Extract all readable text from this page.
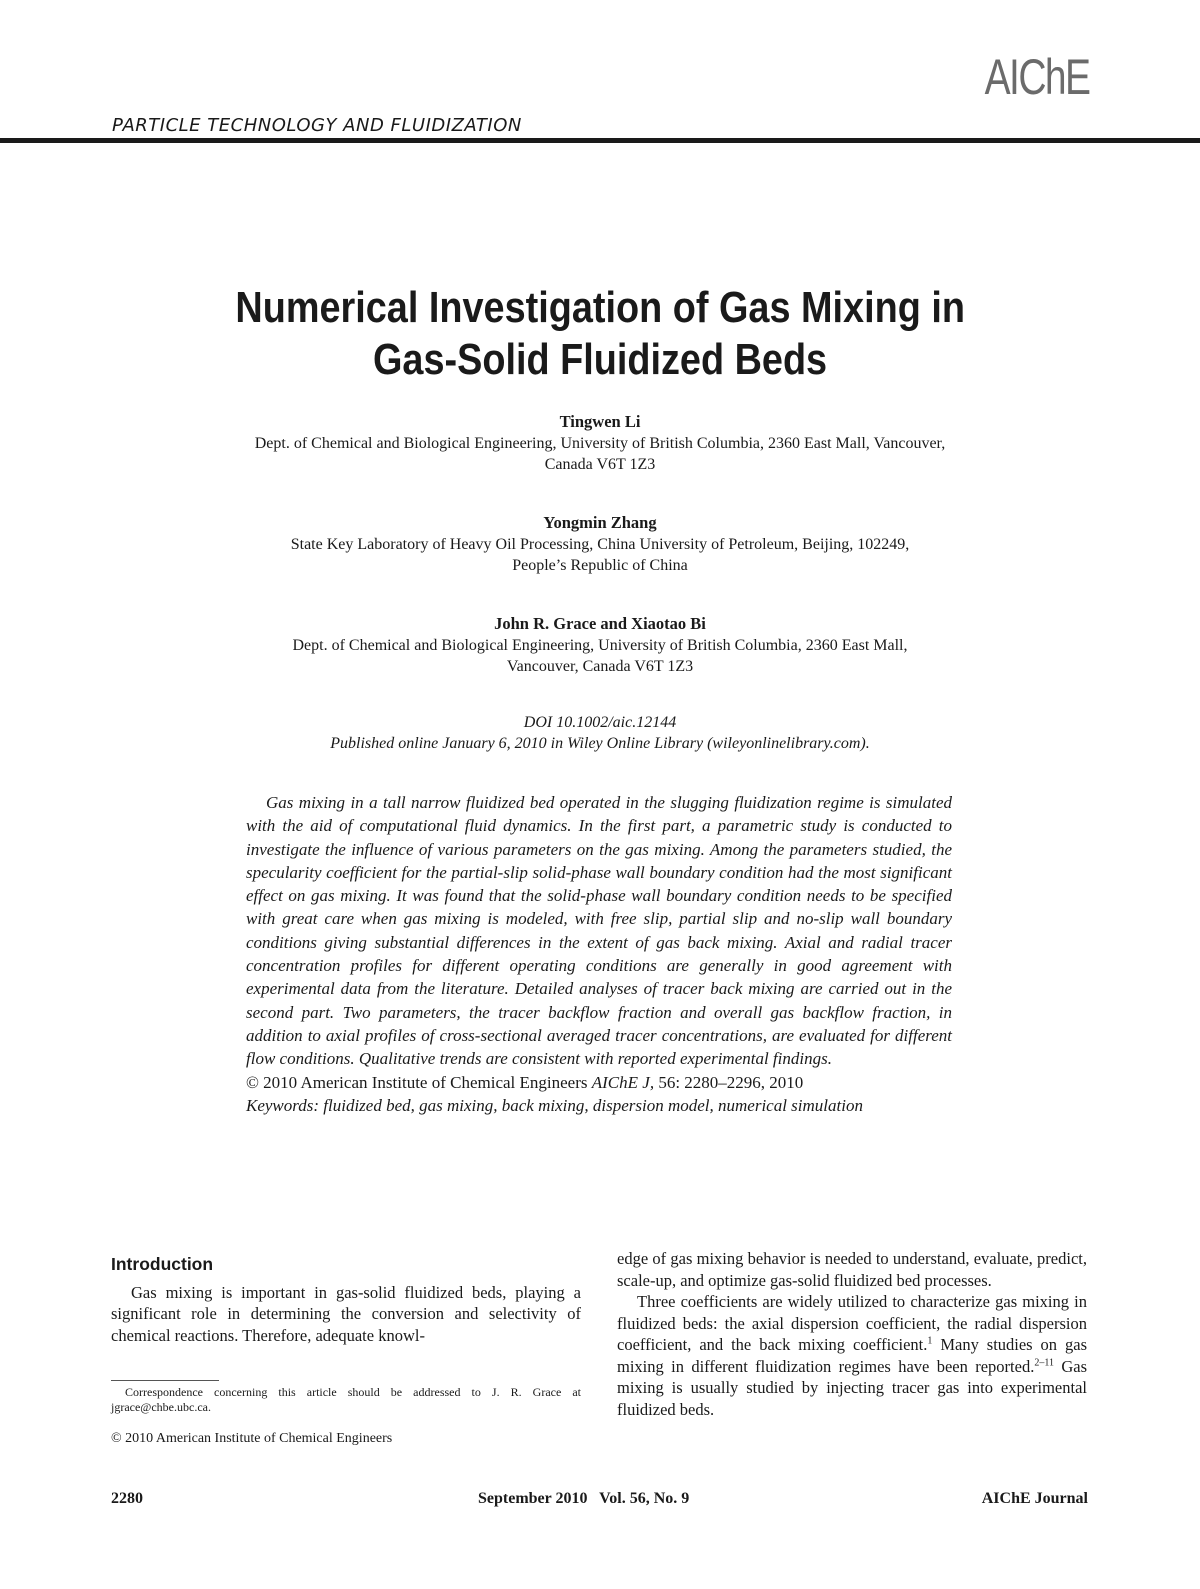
AIChE
PARTICLE TECHNOLOGY AND FLUIDIZATION
Numerical Investigation of Gas Mixing in
Gas-Solid Fluidized Beds
Tingwen Li
Dept. of Chemical and Biological Engineering, University of British Columbia, 2360 East Mall, Vancouver,
Canada V6T 1Z3
Yongmin Zhang
State Key Laboratory of Heavy Oil Processing, China University of Petroleum, Beijing, 102249,
People’s Republic of China
John R. Grace and Xiaotao Bi
Dept. of Chemical and Biological Engineering, University of British Columbia, 2360 East Mall,
Vancouver, Canada V6T 1Z3
DOI 10.1002/aic.12144
Published online January 6, 2010 in Wiley Online Library (wileyonlinelibrary.com).

Gas mixing in a tall narrow fluidized bed operated in the slugging fluidization regime is simulated with the aid of computational fluid dynamics. In the first part, a parametric study is conducted to investigate the influence of various parameters on the gas mixing. Among the parameters studied, the specularity coefficient for the partial-slip solid-phase wall boundary condition had the most significant effect on gas mixing. It was found that the solid-phase wall boundary condition needs to be specified with great care when gas mixing is modeled, with free slip, partial slip and no-slip wall boundary conditions giving substantial differences in the extent of gas back mixing. Axial and radial tracer concentration profiles for different operating conditions are generally in good agreement with experimental data from the literature. Detailed analyses of tracer back mixing are carried out in the second part. Two parameters, the tracer backflow fraction and overall gas backflow fraction, in addition to axial profiles of cross-sectional averaged tracer concentrations, are evaluated for different flow conditions. Qualitative trends are consistent with reported experimental findings.

© 2010 American Institute of Chemical Engineers AIChE J, 56: 2280–2296, 2010
Keywords: fluidized bed, gas mixing, back mixing, dispersion model, numerical simulation
Introduction

Gas mixing is important in gas-solid fluidized beds, playing a significant role in determining the conversion and selectivity of chemical reactions. Therefore, adequate knowl-

Correspondence concerning this article should be addressed to J. R. Grace at jgrace@chbe.ubc.ca.
© 2010 American Institute of Chemical Engineers

edge of gas mixing behavior is needed to understand, evaluate, predict, scale-up, and optimize gas-solid fluidized bed processes.

Three coefficients are widely utilized to characterize gas mixing in fluidized beds: the axial dispersion coefficient, the radial dispersion coefficient, and the back mixing coefficient.$^1$ Many studies on gas mixing in different fluidization regimes have been reported.$^{2-11}$ Gas mixing is usually studied by injecting tracer gas into experimental fluidized beds.

2280	September 2010   Vol. 56, No. 9	AIChE Journal
